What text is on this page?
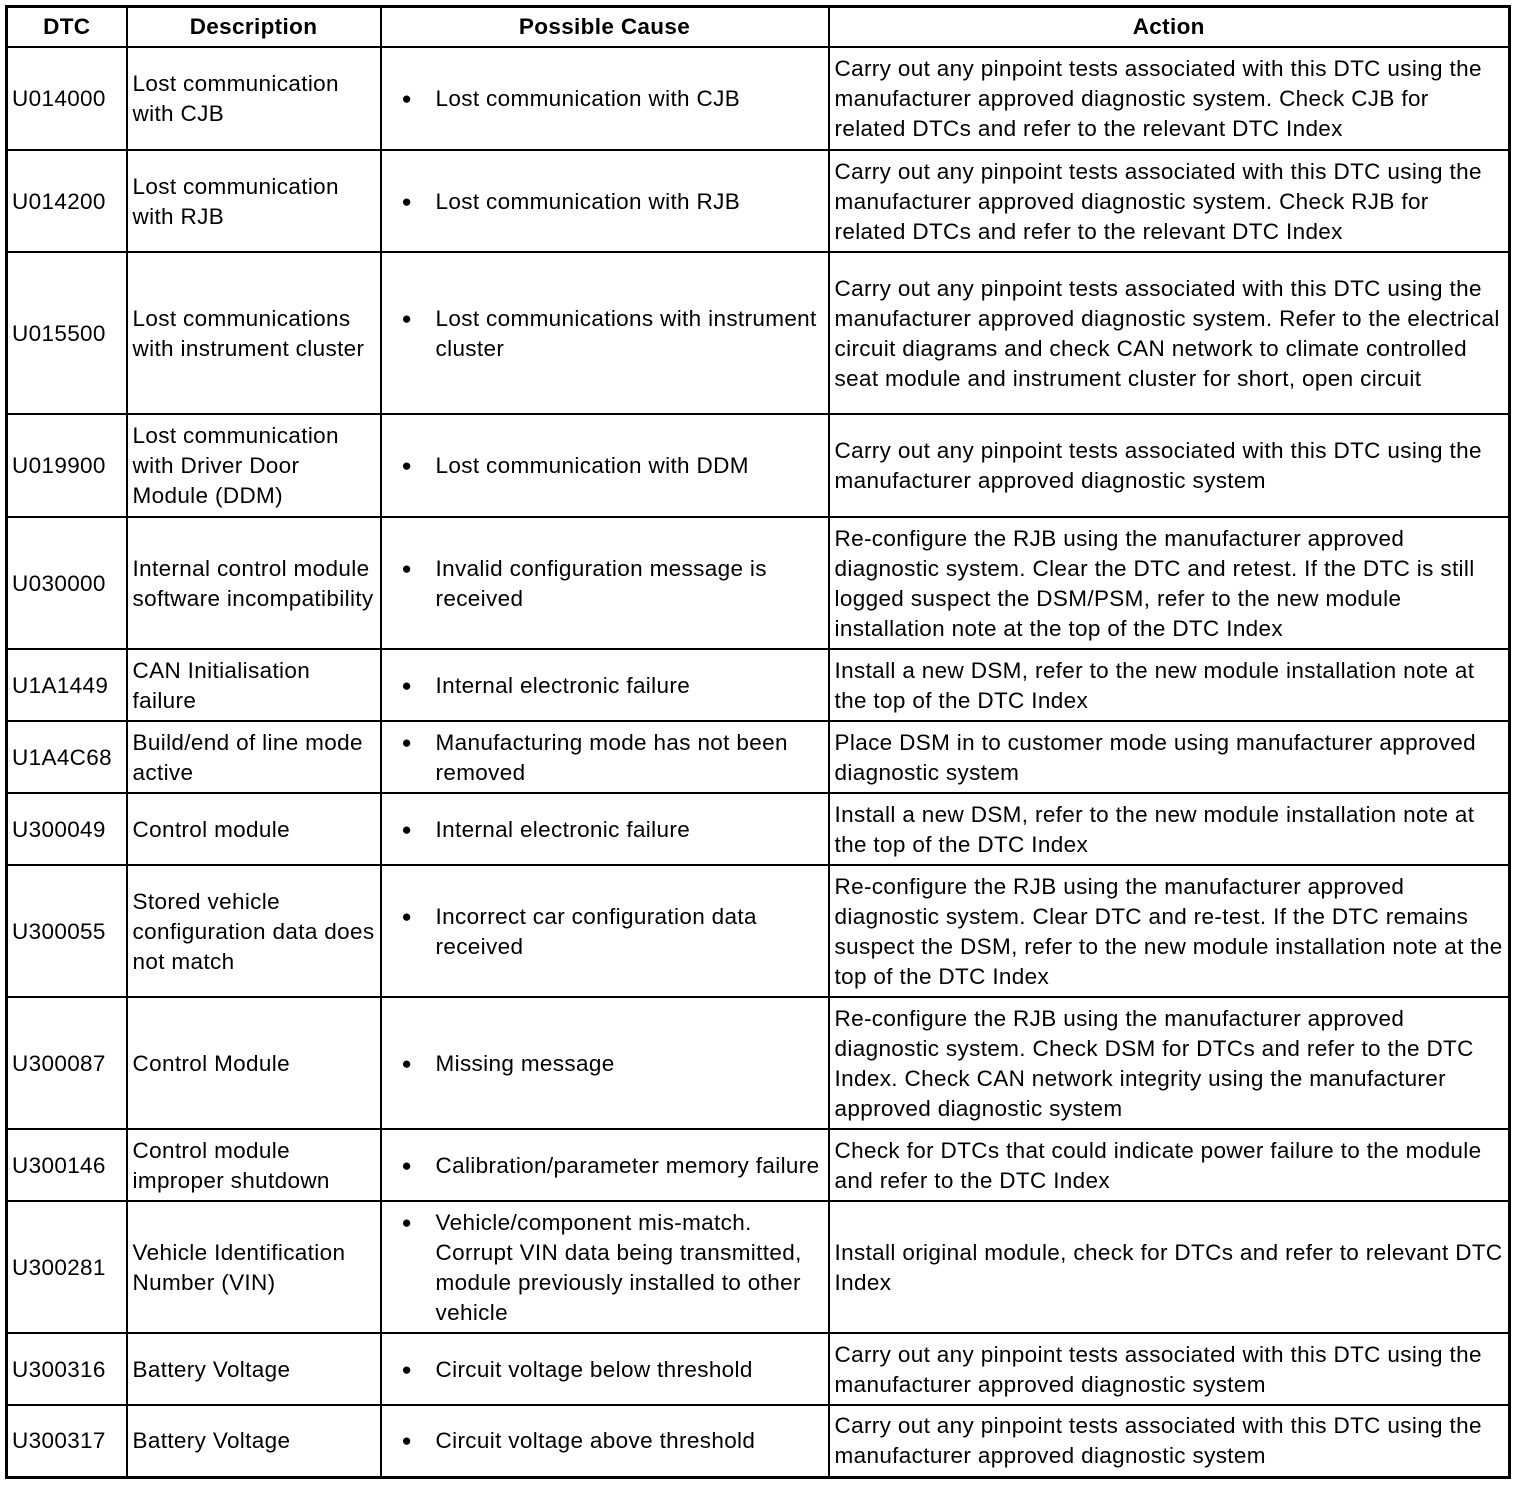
DTC	Description	Possible Cause	Action
U014000	Lost communication with CJB	● Lost communication with CJB	Carry out any pinpoint tests associated with this DTC using the manufacturer approved diagnostic system. Check CJB for related DTCs and refer to the relevant DTC Index
U014200	Lost communication with RJB	● Lost communication with RJB	Carry out any pinpoint tests associated with this DTC using the manufacturer approved diagnostic system. Check RJB for related DTCs and refer to the relevant DTC Index
U015500	Lost communications with instrument cluster	● Lost communications with instrument cluster	Carry out any pinpoint tests associated with this DTC using the manufacturer approved diagnostic system. Refer to the electrical circuit diagrams and check CAN network to climate controlled seat module and instrument cluster for short, open circuit
U019900	Lost communication with Driver Door Module (DDM)	● Lost communication with DDM	Carry out any pinpoint tests associated with this DTC using the manufacturer approved diagnostic system
U030000	Internal control module software incompatibility	● Invalid configuration message is received	Re-configure the RJB using the manufacturer approved diagnostic system. Clear the DTC and retest. If the DTC is still logged suspect the DSM/PSM, refer to the new module installation note at the top of the DTC Index
U1A1449	CAN Initialisation failure	● Internal electronic failure	Install a new DSM, refer to the new module installation note at the top of the DTC Index
U1A4C68	Build/end of line mode active	● Manufacturing mode has not been removed	Place DSM in to customer mode using manufacturer approved diagnostic system
U300049	Control module	● Internal electronic failure	Install a new DSM, refer to the new module installation note at the top of the DTC Index
U300055	Stored vehicle configuration data does not match	● Incorrect car configuration data received	Re-configure the RJB using the manufacturer approved diagnostic system. Clear DTC and re-test. If the DTC remains suspect the DSM, refer to the new module installation note at the top of the DTC Index
U300087	Control Module	● Missing message	Re-configure the RJB using the manufacturer approved diagnostic system. Check DSM for DTCs and refer to the DTC Index. Check CAN network integrity using the manufacturer approved diagnostic system
U300146	Control module improper shutdown	● Calibration/parameter memory failure	Check for DTCs that could indicate power failure to the module and refer to the DTC Index
U300281	Vehicle Identification Number (VIN)	● Vehicle/component mis-match. Corrupt VIN data being transmitted, module previously installed to other vehicle	Install original module, check for DTCs and refer to relevant DTC Index
U300316	Battery Voltage	● Circuit voltage below threshold	Carry out any pinpoint tests associated with this DTC using the manufacturer approved diagnostic system
U300317	Battery Voltage	● Circuit voltage above threshold	Carry out any pinpoint tests associated with this DTC using the manufacturer approved diagnostic system
